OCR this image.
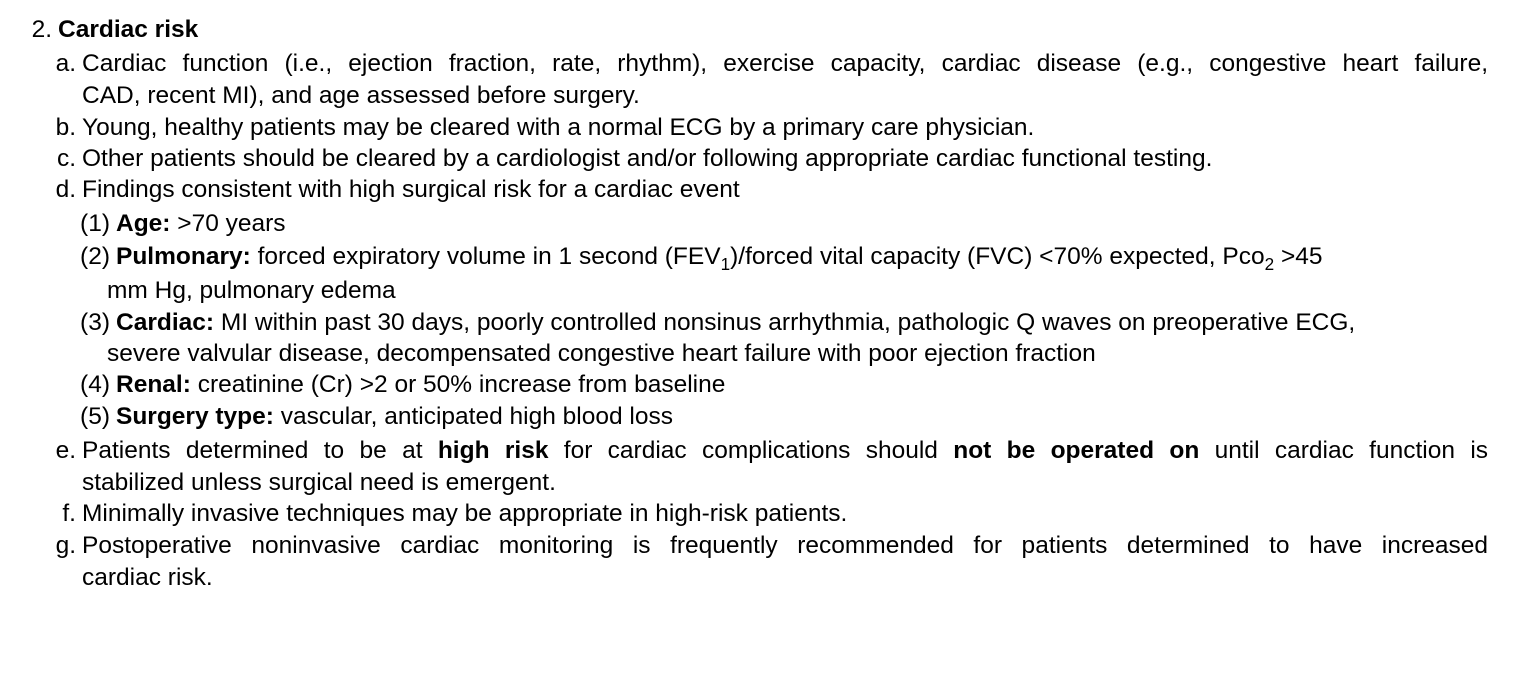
2. Cardiac risk
a. Cardiac function (i.e., ejection fraction, rate, rhythm), exercise capacity, cardiac disease (e.g., congestive heart failure,
CAD, recent MI), and age assessed before surgery.
b. Young, healthy patients may be cleared with a normal ECG by a primary care physician.
c. Other patients should be cleared by a cardiologist and/or following appropriate cardiac functional testing.
d. Findings consistent with high surgical risk for a cardiac event
(1) Age: >70 years
(2) Pulmonary: forced expiratory volume in 1 second $(FEV_1)$/forced vital capacity (FVC) <70% expected, Pco$_2$ >45
mm Hg, pulmonary edema
(3) Cardiac: MI within past 30 days, poorly controlled nonsinus arrhythmia, pathologic Q waves on preoperative ECG,
severe valvular disease, decompensated congestive heart failure with poor ejection fraction
(4) Renal: creatinine (Cr) >2 or 50% increase from baseline
(5) Surgery type: vascular, anticipated high blood loss
e. Patients determined to be at high risk for cardiac complications should not be operated on until cardiac function is
stabilized unless surgical need is emergent.
f. Minimally invasive techniques may be appropriate in high-risk patients.
g. Postoperative noninvasive cardiac monitoring is frequently recommended for patients determined to have increased
cardiac risk.
